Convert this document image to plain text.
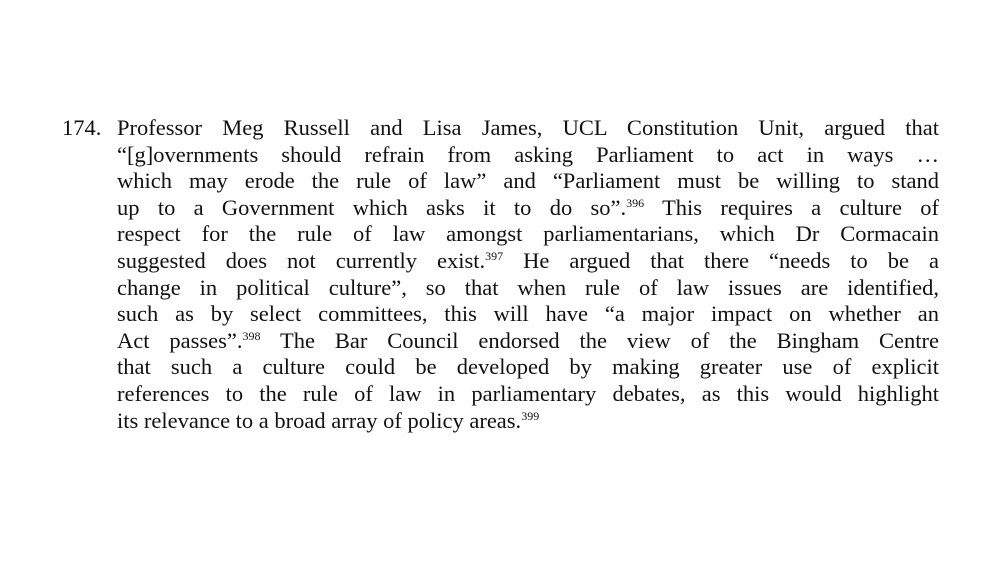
174. Professor Meg Russell and Lisa James, UCL Constitution Unit, argued that
“[g]overnments should refrain from asking Parliament to act in ways …
which may erode the rule of law” and “Parliament must be willing to stand
up to a Government which asks it to do so”.$^{396}$ This requires a culture of
respect for the rule of law amongst parliamentarians, which Dr Cormacain
suggested does not currently exist.$^{397}$ He argued that there “needs to be a
change in political culture”, so that when rule of law issues are identified,
such as by select committees, this will have “a major impact on whether an
Act passes”.$^{398}$ The Bar Council endorsed the view of the Bingham Centre
that such a culture could be developed by making greater use of explicit
references to the rule of law in parliamentary debates, as this would highlight
its relevance to a broad array of policy areas.$^{399}$
